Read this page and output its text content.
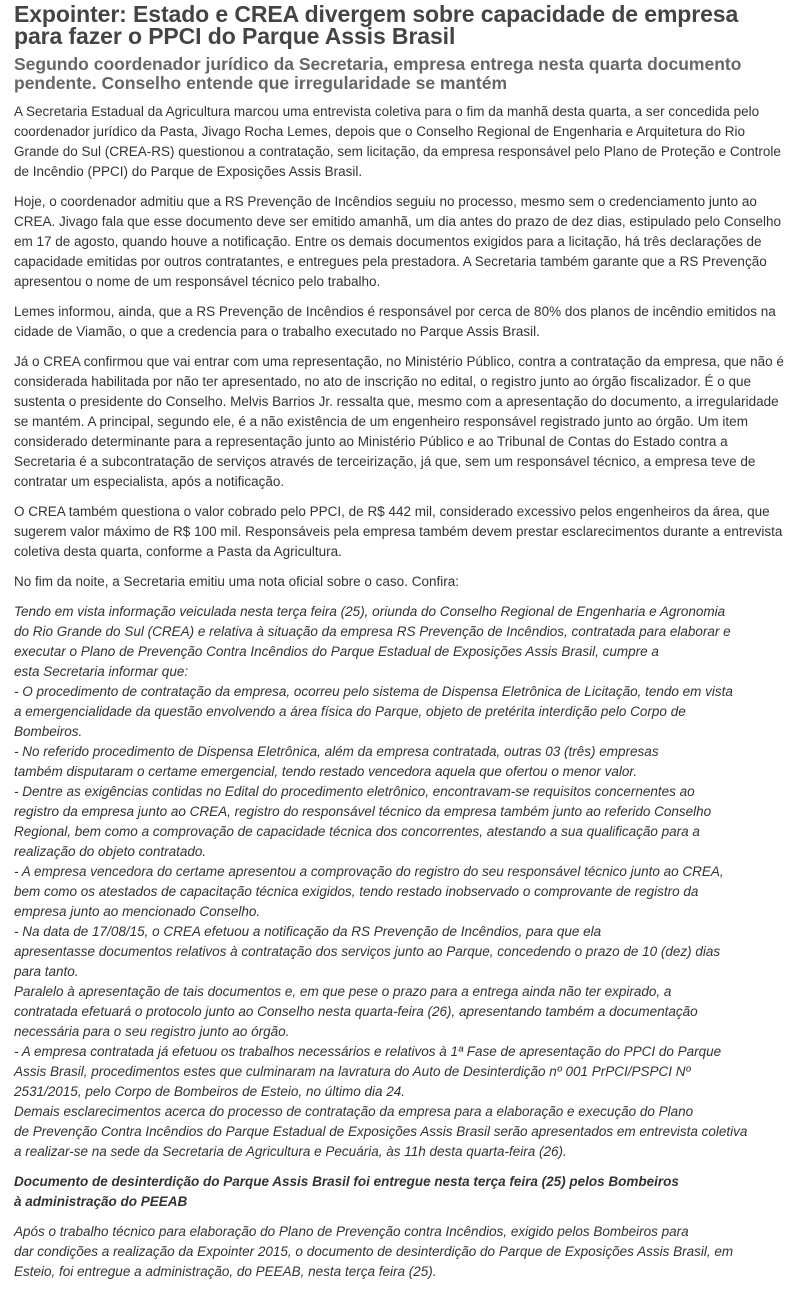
Expointer: Estado e CREA divergem sobre capacidade de empresa para fazer o PPCI do Parque Assis Brasil
Segundo coordenador jurídico da Secretaria, empresa entrega nesta quarta documento pendente. Conselho entende que irregularidade se mantém

A Secretaria Estadual da Agricultura marcou uma entrevista coletiva para o fim da manhã desta quarta, a ser concedida pelo coordenador jurídico da Pasta, Jivago Rocha Lemes, depois que o Conselho Regional de Engenharia e Arquitetura do Rio Grande do Sul (CREA-RS) questionou a contratação, sem licitação, da empresa responsável pelo Plano de Proteção e Controle de Incêndio (PPCI) do Parque de Exposições Assis Brasil.

Hoje, o coordenador admitiu que a RS Prevenção de Incêndios seguiu no processo, mesmo sem o credenciamento junto ao CREA. Jivago fala que esse documento deve ser emitido amanhã, um dia antes do prazo de dez dias, estipulado pelo Conselho em 17 de agosto, quando houve a notificação. Entre os demais documentos exigidos para a licitação, há três declarações de capacidade emitidas por outros contratantes, e entregues pela prestadora. A Secretaria também garante que a RS Prevenção apresentou o nome de um responsável técnico pelo trabalho.

Lemes informou, ainda, que a RS Prevenção de Incêndios é responsável por cerca de 80% dos planos de incêndio emitidos na cidade de Viamão, o que a credencia para o trabalho executado no Parque Assis Brasil.

Já o CREA confirmou que vai entrar com uma representação, no Ministério Público, contra a contratação da empresa, que não é considerada habilitada por não ter apresentado, no ato de inscrição no edital, o registro junto ao órgão fiscalizador. É o que sustenta o presidente do Conselho. Melvis Barrios Jr. ressalta que, mesmo com a apresentação do documento, a irregularidade se mantém. A principal, segundo ele, é a não existência de um engenheiro responsável registrado junto ao órgão. Um item considerado determinante para a representação junto ao Ministério Público e ao Tribunal de Contas do Estado contra a Secretaria é a subcontratação de serviços através de terceirização, já que, sem um responsável técnico, a empresa teve de contratar um especialista, após a notificação.

O CREA também questiona o valor cobrado pelo PPCI, de R$ 442 mil, considerado excessivo pelos engenheiros da área, que sugerem valor máximo de R$ 100 mil. Responsáveis pela empresa também devem prestar esclarecimentos durante a entrevista coletiva desta quarta, conforme a Pasta da Agricultura.

No fim da noite, a Secretaria emitiu uma nota oficial sobre o caso. Confira:

Tendo em vista informação veiculada nesta terça feira (25), oriunda do Conselho Regional de Engenharia e Agronomia
do Rio Grande do Sul (CREA) e relativa à situação da empresa RS Prevenção de Incêndios, contratada para elaborar e
executar o Plano de Prevenção Contra Incêndios do Parque Estadual de Exposições Assis Brasil, cumpre a
esta Secretaria informar que:
- O procedimento de contratação da empresa, ocorreu pelo sistema de Dispensa Eletrônica de Licitação, tendo em vista
a emergencialidade da questão envolvendo a área física do Parque, objeto de pretérita interdição pelo Corpo de
Bombeiros.
- No referido procedimento de Dispensa Eletrônica, além da empresa contratada, outras 03 (três) empresas
também disputaram o certame emergencial, tendo restado vencedora aquela que ofertou o menor valor.
- Dentre as exigências contidas no Edital do procedimento eletrônico, encontravam-se requisitos concernentes ao
registro da empresa junto ao CREA, registro do responsável técnico da empresa também junto ao referido Conselho
Regional, bem como a comprovação de capacidade técnica dos concorrentes, atestando a sua qualificação para a
realização do objeto contratado.
- A empresa vencedora do certame apresentou a comprovação do registro do seu responsável técnico junto ao CREA,
bem como os atestados de capacitação técnica exigidos, tendo restado inobservado o comprovante de registro da
empresa junto ao mencionado Conselho.
- Na data de 17/08/15, o CREA efetuou a notificação da RS Prevenção de Incêndios, para que ela
apresentasse documentos relativos à contratação dos serviços junto ao Parque, concedendo o prazo de 10 (dez) dias
para tanto.
Paralelo à apresentação de tais documentos e, em que pese o prazo para a entrega ainda não ter expirado, a
contratada efetuará o protocolo junto ao Conselho nesta quarta-feira (26), apresentando também a documentação
necessária para o seu registro junto ao órgão.
- A empresa contratada já efetuou os trabalhos necessários e relativos à 1ª Fase de apresentação do PPCI do Parque
Assis Brasil, procedimentos estes que culminaram na lavratura do Auto de Desinterdição nº 001 PrPCI/PSPCI Nº
2531/2015, pelo Corpo de Bombeiros de Esteio, no último dia 24.
Demais esclarecimentos acerca do processo de contratação da empresa para a elaboração e execução do Plano
de Prevenção Contra Incêndios do Parque Estadual de Exposições Assis Brasil serão apresentados em entrevista coletiva
a realizar-se na sede da Secretaria de Agricultura e Pecuária, às 11h desta quarta-feira (26).

Documento de desinterdição do Parque Assis Brasil foi entregue nesta terça feira (25) pelos Bombeiros
à administração do PEEAB

Após o trabalho técnico para elaboração do Plano de Prevenção contra Incêndios, exigido pelos Bombeiros para
dar condições a realização da Expointer 2015, o documento de desinterdição do Parque de Exposições Assis Brasil, em
Esteio, foi entregue a administração, do PEEAB, nesta terça feira (25).
